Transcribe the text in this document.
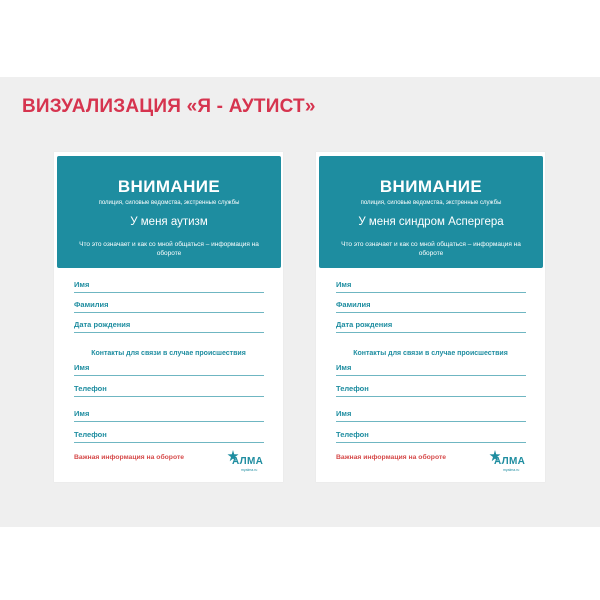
ВИЗУАЛИЗАЦИЯ «Я - АУТИСТ»
ВНИМАНИЕ
полиция, силовые ведомства, экстренные службы
У меня аутизм
Что это означает и как со мной общаться – информация на обороте
Имя
Фамилия
Дата рождения
Контакты для связи в случае происшествия
Имя
Телефон
Имя
Телефон
Важная информация на обороте	АЛМА
myalma.ru
ВНИМАНИЕ
полиция, силовые ведомства, экстренные службы
У меня синдром Аспергера
Что это означает и как со мной общаться – информация на обороте
Имя
Фамилия
Дата рождения
Контакты для связи в случае происшествия
Имя
Телефон
Имя
Телефон
Важная информация на обороте	АЛМА
myalma.ru
